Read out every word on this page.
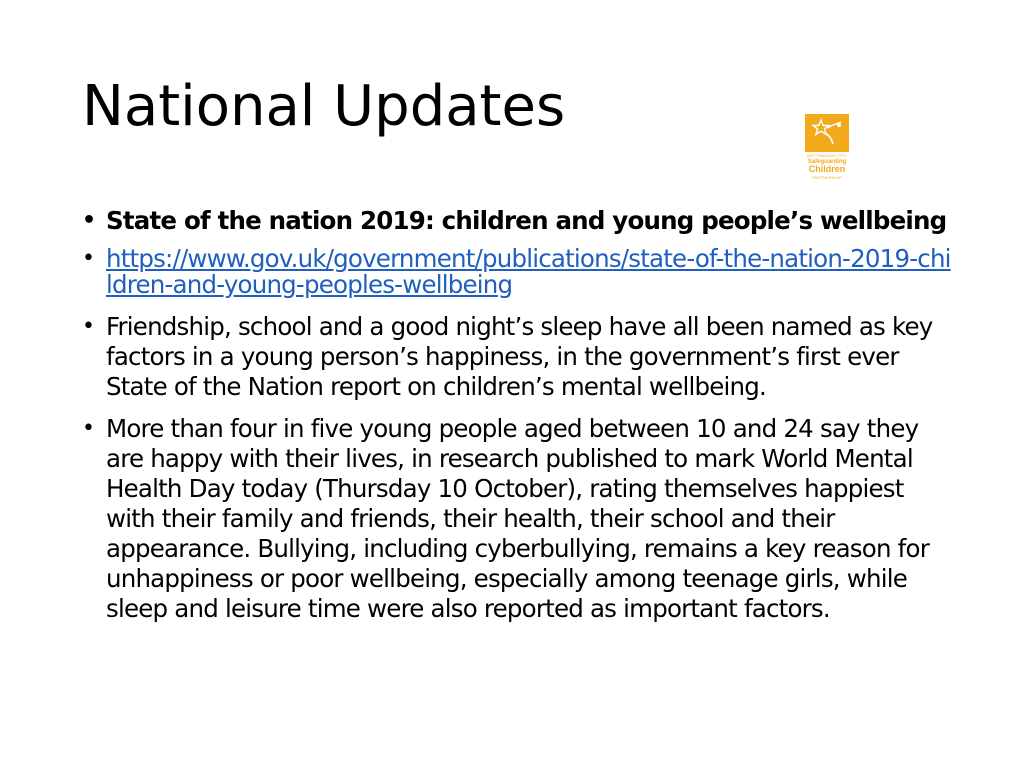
National Updates
NOTTINGHAM CITY
Safeguarding
Children
PARTNERSHIP
• State of the nation 2019: children and young people’s wellbeing
• https://www.gov.uk/government/publications/state-of-the-nation-2019-children-and-young-peoples-wellbeing
• Friendship, school and a good night’s sleep have all been named as key factors in a young person’s happiness, in the government’s first ever State of the Nation report on children’s mental wellbeing.
• More than four in five young people aged between 10 and 24 say they are happy with their lives, in research published to mark World Mental Health Day today (Thursday 10 October), rating themselves happiest with their family and friends, their health, their school and their appearance. Bullying, including cyberbullying, remains a key reason for unhappiness or poor wellbeing, especially among teenage girls, while sleep and leisure time were also reported as important factors.
